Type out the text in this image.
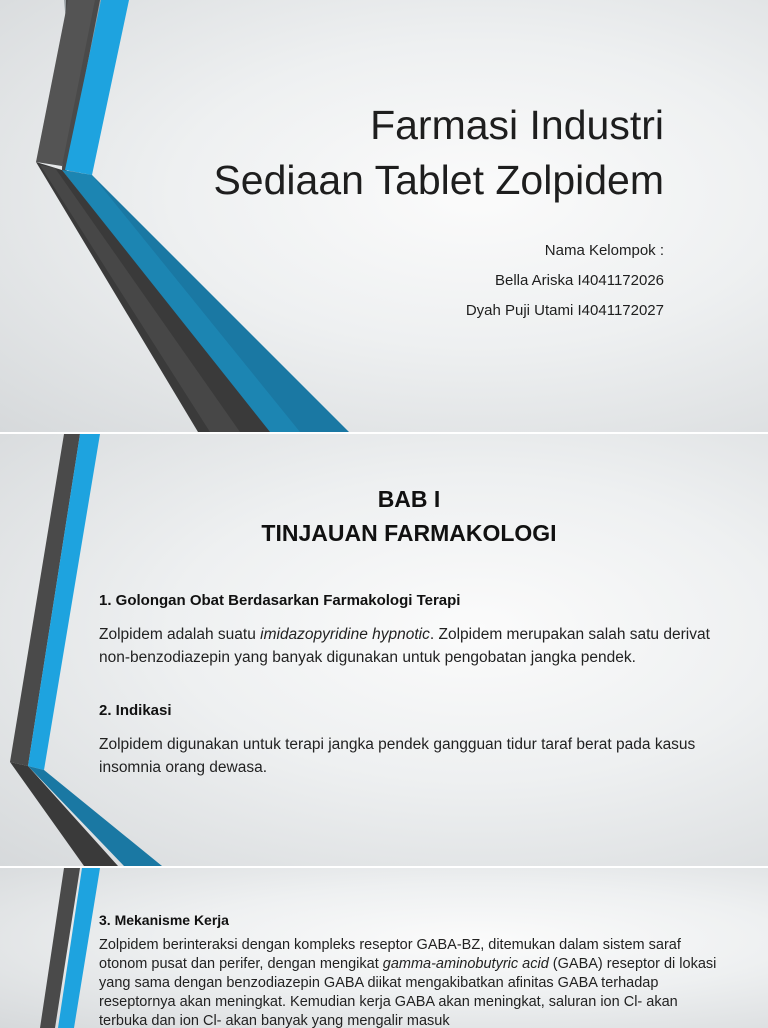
Farmasi Industri
Sediaan Tablet Zolpidem
Nama Kelompok :
Bella Ariska I4041172026
Dyah Puji Utami I4041172027
BAB I
TINJAUAN FARMAKOLOGI

1. Golongan Obat Berdasarkan Farmakologi Terapi

Zolpidem adalah suatu imidazopyridine hypnotic. Zolpidem merupakan salah satu derivat non-benzodiazepin yang banyak digunakan untuk pengobatan jangka pendek.

2. Indikasi

Zolpidem digunakan untuk terapi jangka pendek gangguan tidur taraf berat pada kasus insomnia orang dewasa.

3. Mekanisme Kerja

Zolpidem berinteraksi dengan kompleks reseptor GABA-BZ, ditemukan dalam sistem saraf otonom pusat dan perifer, dengan mengikat gamma-aminobutyric acid (GABA) reseptor di lokasi yang sama dengan benzodiazepin GABA diikat mengakibatkan afinitas GABA terhadap reseptornya akan meningkat. Kemudian kerja GABA akan meningkat, saluran ion Cl- akan terbuka dan ion Cl- akan banyak yang mengalir masuk
